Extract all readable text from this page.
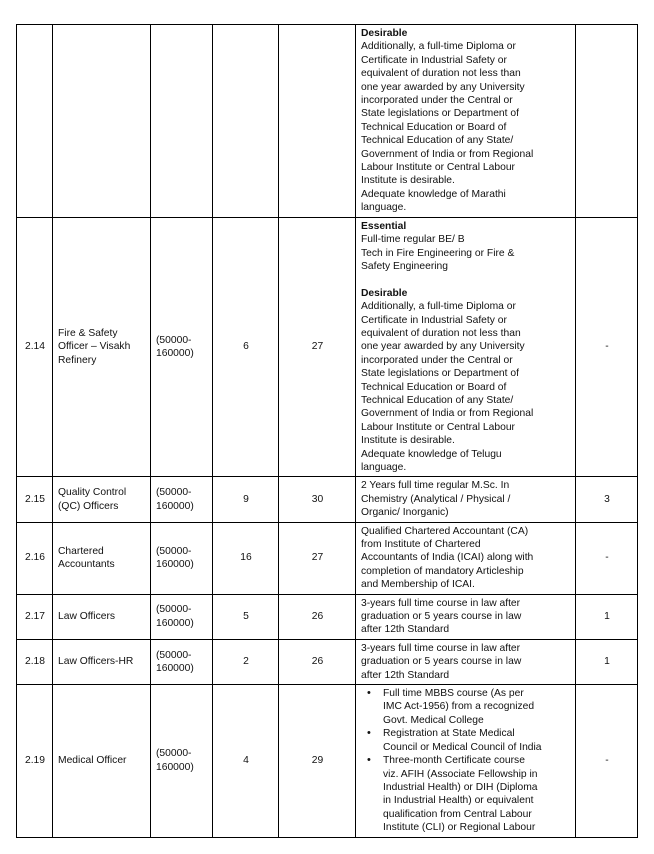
					Desirable
Additionally, a full-time Diploma or
Certificate in Industrial Safety or
equivalent of duration not less than
one year awarded by any University
incorporated under the Central or
State legislations or Department of
Technical Education or Board of
Technical Education of any State/
Government of India or from Regional
Labour Institute or Central Labour
Institute is desirable.
Adequate knowledge of Marathi
language.

2.14	Fire & Safety Officer – Visakh Refinery	(50000-160000)	6	27	Essential
Full-time regular BE/ B
Tech in Fire Engineering or Fire &
Safety Engineering
Desirable
Additionally, a full-time Diploma or
Certificate in Industrial Safety or
equivalent of duration not less than
one year awarded by any University
incorporated under the Central or
State legislations or Department of
Technical Education or Board of
Technical Education of any State/
Government of India or from Regional
Labour Institute or Central Labour
Institute is desirable.
Adequate knowledge of Telugu
language.
	-
2.15	Quality Control (QC) Officers	(50000-160000)	9	30	2 Years full time regular M.Sc. In
Chemistry (Analytical / Physical /
Organic/ Inorganic)	3
2.16	Chartered Accountants	(50000-160000)	16	27	Qualified Chartered Accountant (CA)
from Institute of Chartered
Accountants of India (ICAI) along with
completion of mandatory Articleship
and Membership of ICAI.	-
2.17	Law Officers	(50000-160000)	5	26	3-years full time course in law after
graduation or 5 years course in law
after 12th Standard	1
2.18	Law Officers-HR	(50000-160000)	2	26	3-years full time course in law after
graduation or 5 years course in law
after 12th Standard	1
2.19	Medical Officer	(50000-160000)	4	29	
• Full time MBBS course (As per
IMC Act-1956) from a recognized
Govt. Medical College
• Registration at State Medical
Council or Medical Council of India
• Three-month Certificate course
viz. AFIH (Associate Fellowship in
Industrial Health) or DIH (Diploma
in Industrial Health) or equivalent
qualification from Central Labour
Institute (CLI) or Regional Labour
	-
